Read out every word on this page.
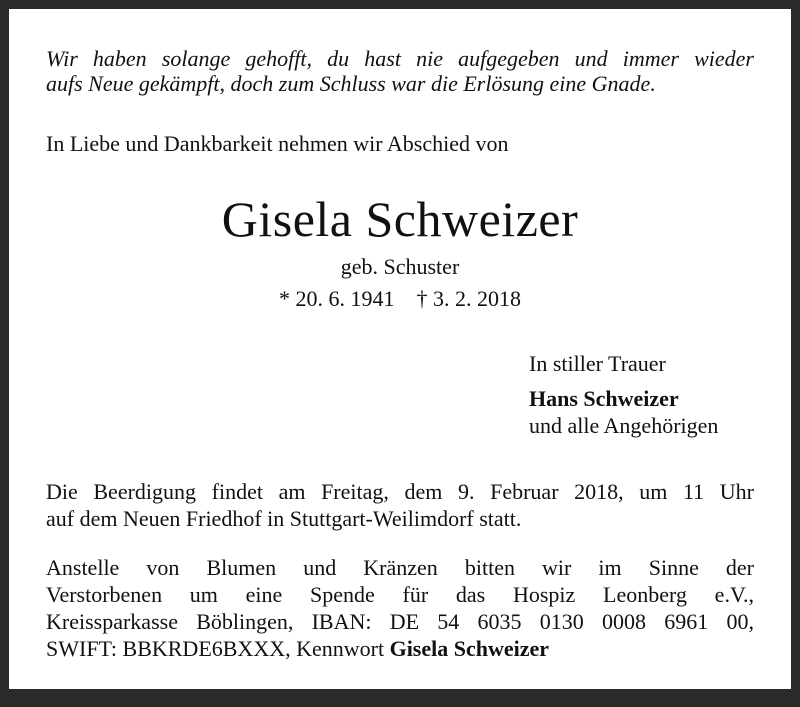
Wir haben solange gehofft, du hast nie aufgegeben und immer wieder
aufs Neue gekämpft, doch zum Schluss war die Erlösung eine Gnade.
In Liebe und Dankbarkeit nehmen wir Abschied von
Gisela Schweizer
geb. Schuster
* 20. 6. 1941 † 3. 2. 2018
In stiller Trauer
Hans Schweizer
und alle Angehörigen
Die Beerdigung findet am Freitag, dem 9. Februar 2018, um 11 Uhr
auf dem Neuen Friedhof in Stuttgart-Weilimdorf statt.
Anstelle von Blumen und Kränzen bitten wir im Sinne der
Verstorbenen um eine Spende für das Hospiz Leonberg e.V.,
Kreissparkasse Böblingen, IBAN: DE 54 6035 0130 0008 6961 00,
SWIFT: BBKRDE6BXXX, Kennwort Gisela Schweizer
